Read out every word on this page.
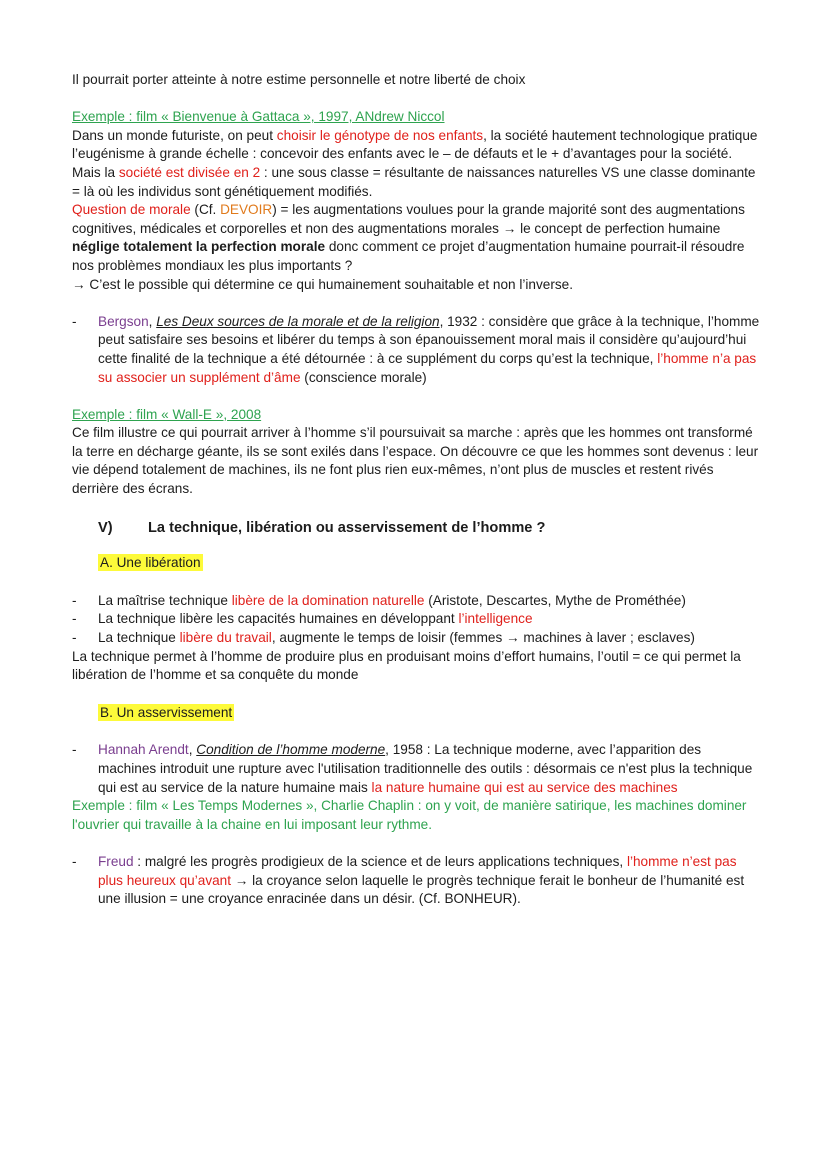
Il pourrait porter atteinte à notre estime personnelle et notre liberté de choix

Exemple : film « Bienvenue à Gattaca », 1997, ANdrew Niccol

Dans un monde futuriste, on peut choisir le génotype de nos enfants, la société hautement technologique pratique l’eugénisme à grande échelle : concevoir des enfants avec le – de défauts et le + d’avantages pour la société. Mais la société est divisée en 2 : une sous classe = résultante de naissances naturelles VS une classe dominante = là où les individus sont génétiquement modifiés.

Question de morale (Cf. DEVOIR) = les augmentations voulues pour la grande majorité sont des augmentations cognitives, médicales et corporelles et non des augmentations morales → le concept de perfection humaine néglige totalement la perfection morale donc comment ce projet d’augmentation humaine pourrait-il résoudre nos problèmes mondiaux les plus importants ?

→ C’est le possible qui détermine ce qui humainement souhaitable et non l’inverse.

- Bergson, Les Deux sources de la morale et de la religion, 1932 : considère que grâce à la technique, l’homme peut satisfaire ses besoins et libérer du temps à son épanouissement moral mais il considère qu’aujourd’hui cette finalité de la technique a été détournée : à ce supplément du corps qu’est la technique, l’homme n’a pas su associer un supplément d’âme (conscience morale)

Exemple : film « Wall-E », 2008

Ce film illustre ce qui pourrait arriver à l’homme s’il poursuivait sa marche : après que les hommes ont transformé la terre en décharge géante, ils se sont exilés dans l’espace. On découvre ce que les hommes sont devenus : leur vie dépend totalement de machines, ils ne font plus rien eux-mêmes, n’ont plus de muscles et restent rivés derrière des écrans.

V) La technique, libération ou asservissement de l’homme ?

A. Une libération

- La maîtrise technique libère de la domination naturelle (Aristote, Descartes, Mythe de Prométhée)

- La technique libère les capacités humaines en développant l’intelligence

- La technique libère du travail, augmente le temps de loisir (femmes → machines à laver ; esclaves)

La technique permet à l’homme de produire plus en produisant moins d’effort humains, l’outil = ce qui permet la libération de l’homme et sa conquête du monde

B. Un asservissement

- Hannah Arendt, Condition de l’homme moderne, 1958 : La technique moderne, avec l’apparition des machines introduit une rupture avec l'utilisation traditionnelle des outils : désormais ce n'est plus la technique qui est au service de la nature humaine mais la nature humaine qui est au service des machines

Exemple : film « Les Temps Modernes », Charlie Chaplin : on y voit, de manière satirique, les machines dominer l'ouvrier qui travaille à la chaine en lui imposant leur rythme.

- Freud : malgré les progrès prodigieux de la science et de leurs applications techniques, l’homme n’est pas plus heureux qu’avant → la croyance selon laquelle le progrès technique ferait le bonheur de l’humanité est une illusion = une croyance enracinée dans un désir. (Cf. BONHEUR).
